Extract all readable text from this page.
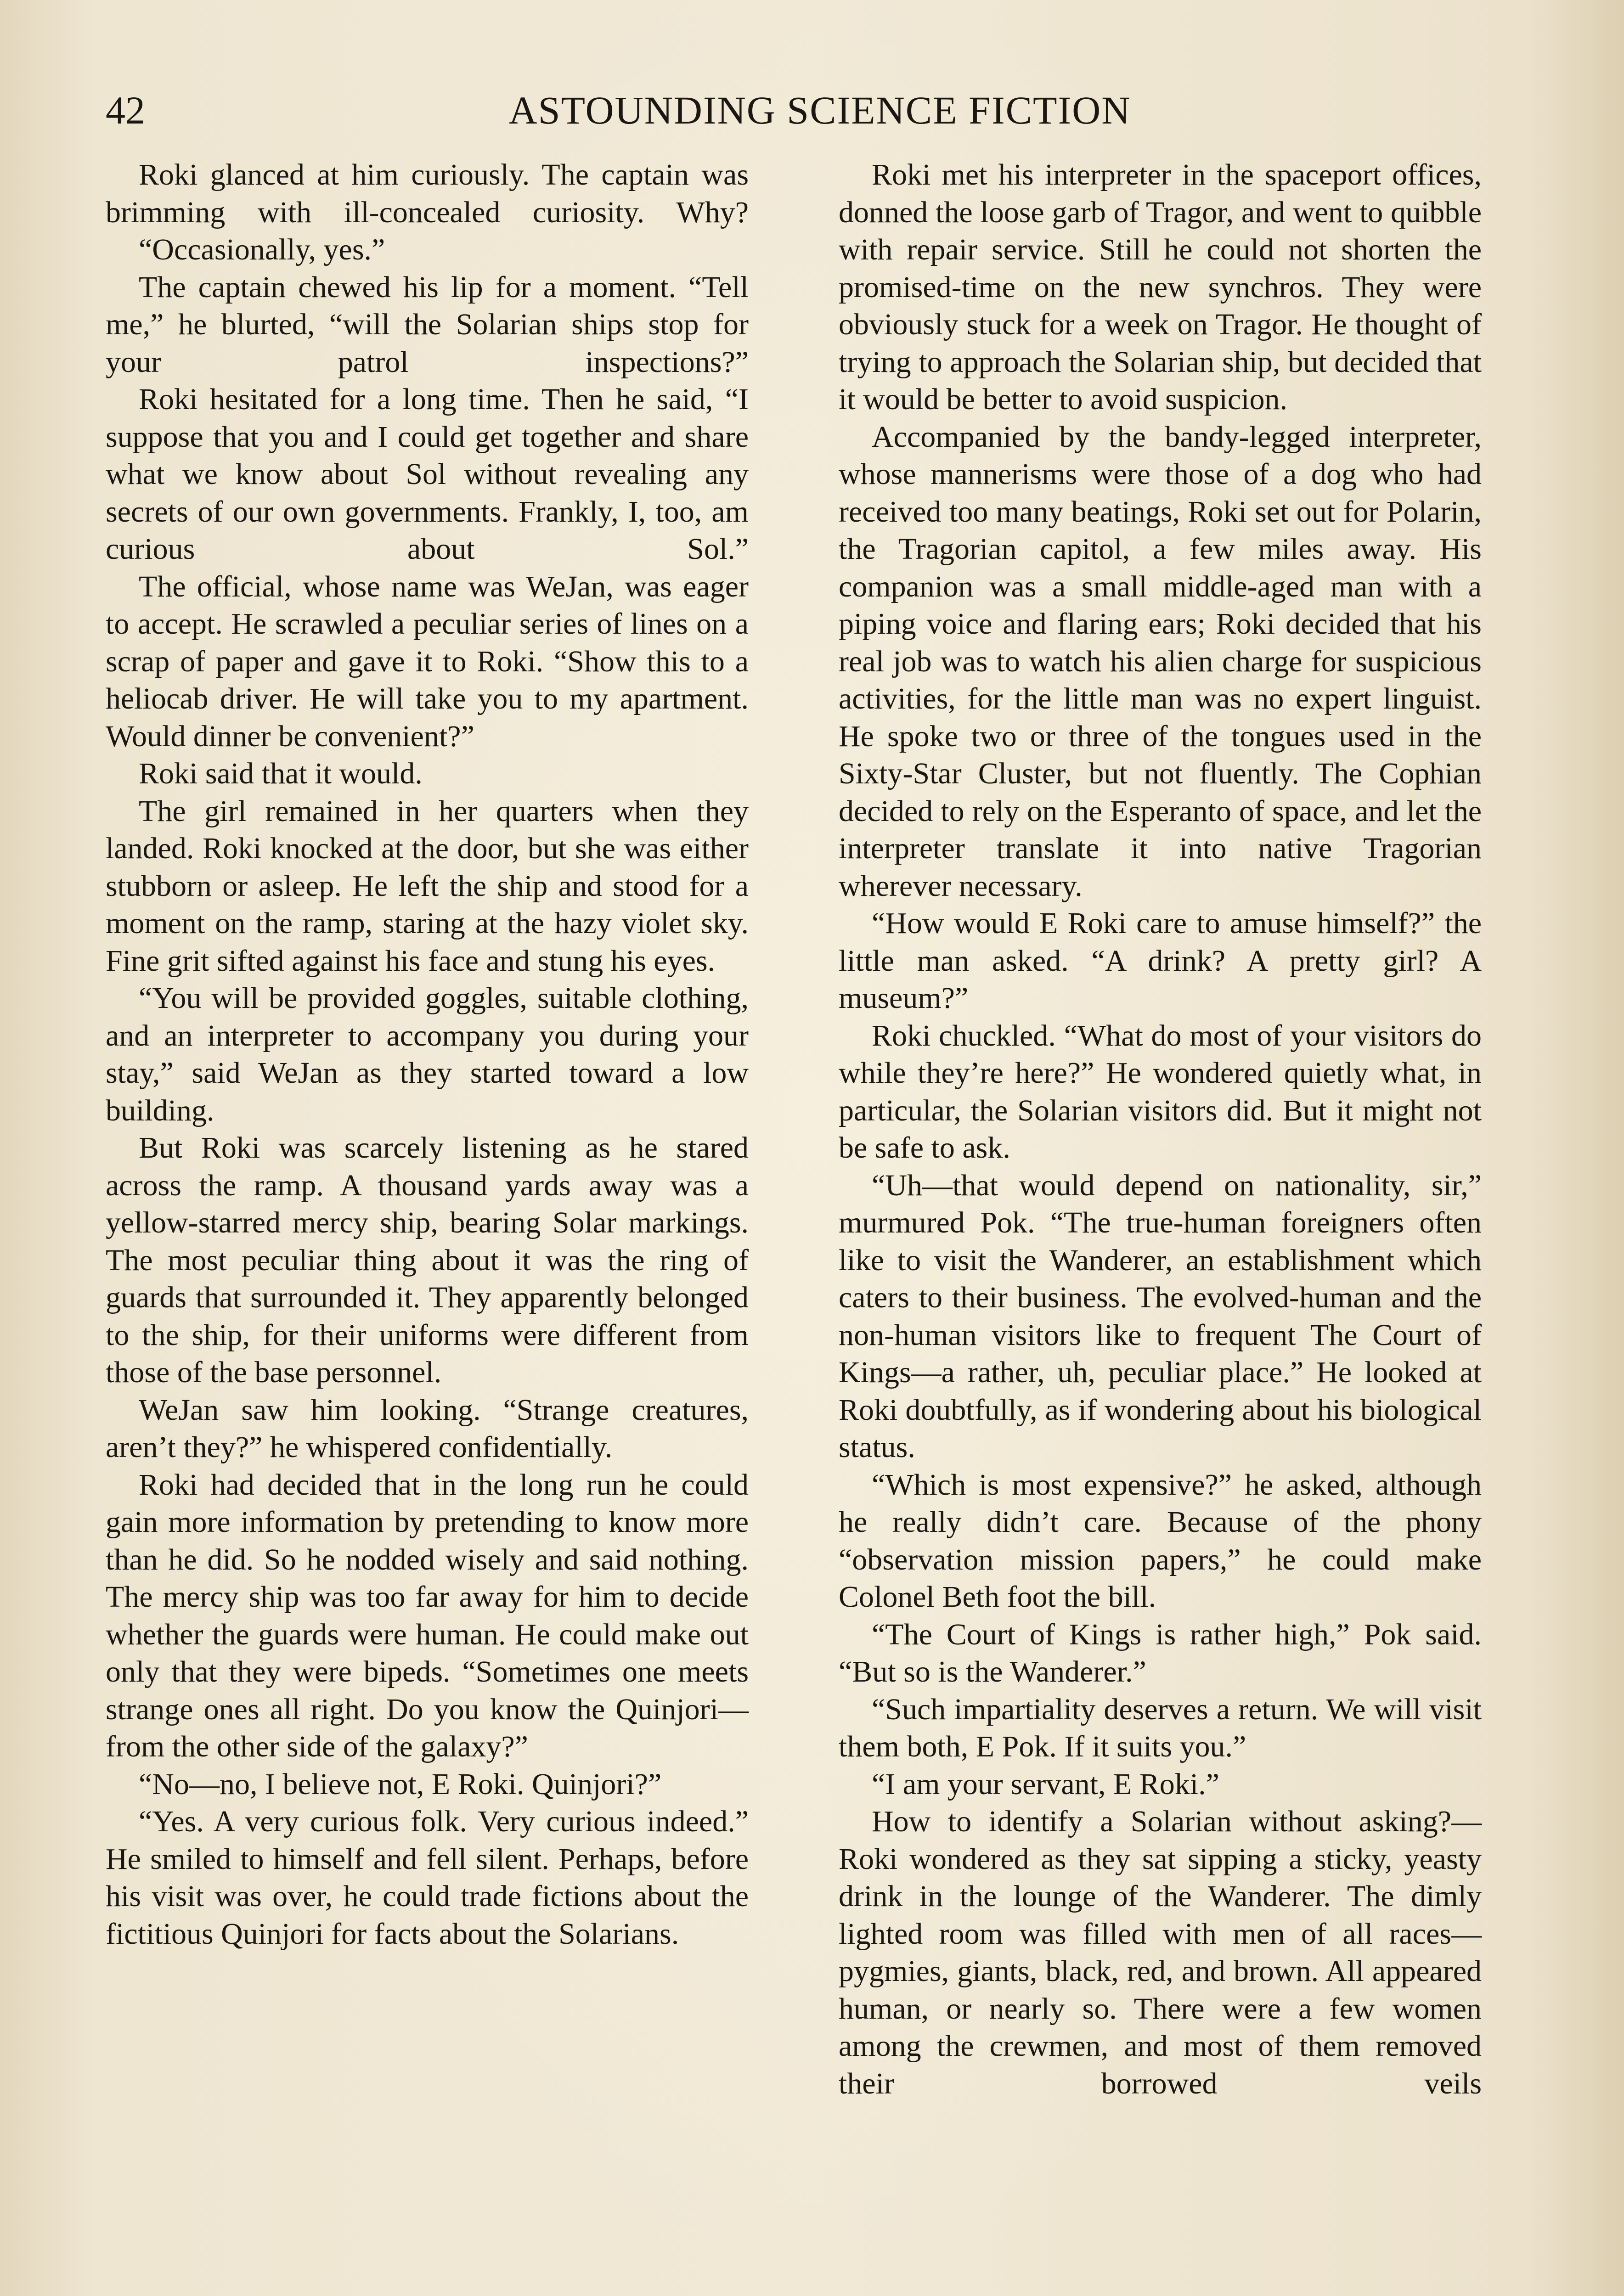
42	ASTOUNDING SCIENCE FICTION

Roki glanced at him curiously. The captain was brimming with ill-concealed curiosity. Why?

“Occasionally, yes.”

The captain chewed his lip for a moment. “Tell me,” he blurted, “will the Solarian ships stop for your patrol inspections?”

Roki hesitated for a long time. Then he said, “I suppose that you and I could get together and share what we know about Sol without revealing any secrets of our own governments. Frankly, I, too, am curious about Sol.”

The official, whose name was WeJan, was eager to accept. He scrawled a peculiar series of lines on a scrap of paper and gave it to Roki. “Show this to a heliocab driver. He will take you to my apartment. Would dinner be convenient?”

Roki said that it would.

The girl remained in her quarters when they landed. Roki knocked at the door, but she was either stubborn or asleep. He left the ship and stood for a moment on the ramp, staring at the hazy violet sky. Fine grit sifted against his face and stung his eyes.

“You will be provided goggles, suitable clothing, and an interpreter to accompany you during your stay,” said WeJan as they started toward a low building.

But Roki was scarcely listening as he stared across the ramp. A thousand yards away was a yellow-starred mercy ship, bearing Solar markings. The most peculiar thing about it was the ring of guards that surrounded it. They apparently belonged to the ship, for their uniforms were different from those of the base personnel.

WeJan saw him looking. “Strange creatures, aren’t they?” he whispered confidentially.

Roki had decided that in the long run he could gain more information by pretending to know more than he did. So he nodded wisely and said nothing. The mercy ship was too far away for him to decide whether the guards were human. He could make out only that they were bipeds. “Sometimes one meets strange ones all right. Do you know the Quinjori—from the other side of the galaxy?”

“No—no, I believe not, E Roki. Quinjori?”

“Yes. A very curious folk. Very curious indeed.” He smiled to himself and fell silent. Perhaps, before his visit was over, he could trade fictions about the fictitious Quinjori for facts about the Solarians.

Roki met his interpreter in the spaceport offices, donned the loose garb of Tragor, and went to quibble with repair service. Still he could not shorten the promised-time on the new synchros. They were obviously stuck for a week on Tragor. He thought of trying to approach the Solarian ship, but decided that it would be better to avoid suspicion.

Accompanied by the bandy-legged interpreter, whose mannerisms were those of a dog who had received too many beatings, Roki set out for Polarin, the Tragorian capitol, a few miles away. His companion was a small middle-aged man with a piping voice and flaring ears; Roki decided that his real job was to watch his alien charge for suspicious activities, for the little man was no expert linguist. He spoke two or three of the tongues used in the Sixty-Star Cluster, but not fluently. The Cophian decided to rely on the Esperanto of space, and let the interpreter translate it into native Tragorian wherever necessary.

“How would E Roki care to amuse himself?” the little man asked. “A drink? A pretty girl? A museum?”

Roki chuckled. “What do most of your visitors do while they’re here?” He wondered quietly what, in particular, the Solarian visitors did. But it might not be safe to ask.

“Uh—that would depend on nationality, sir,” murmured Pok. “The true-human foreigners often like to visit the Wanderer, an establishment which caters to their business. The evolved-human and the non-human visitors like to frequent The Court of Kings—a rather, uh, peculiar place.” He looked at Roki doubtfully, as if wondering about his biological status.

“Which is most expensive?” he asked, although he really didn’t care. Because of the phony “observation mission papers,” he could make Colonel Beth foot the bill.

“The Court of Kings is rather high,” Pok said. “But so is the Wanderer.”

“Such impartiality deserves a return. We will visit them both, E Pok. If it suits you.”

“I am your servant, E Roki.”

How to identify a Solarian without asking?—Roki wondered as they sat sipping a sticky, yeasty drink in the lounge of the Wanderer. The dimly lighted room was filled with men of all races—pygmies, giants, black, red, and brown. All appeared human, or nearly so. There were a few women among the crewmen, and most of them removed their borrowed veils
